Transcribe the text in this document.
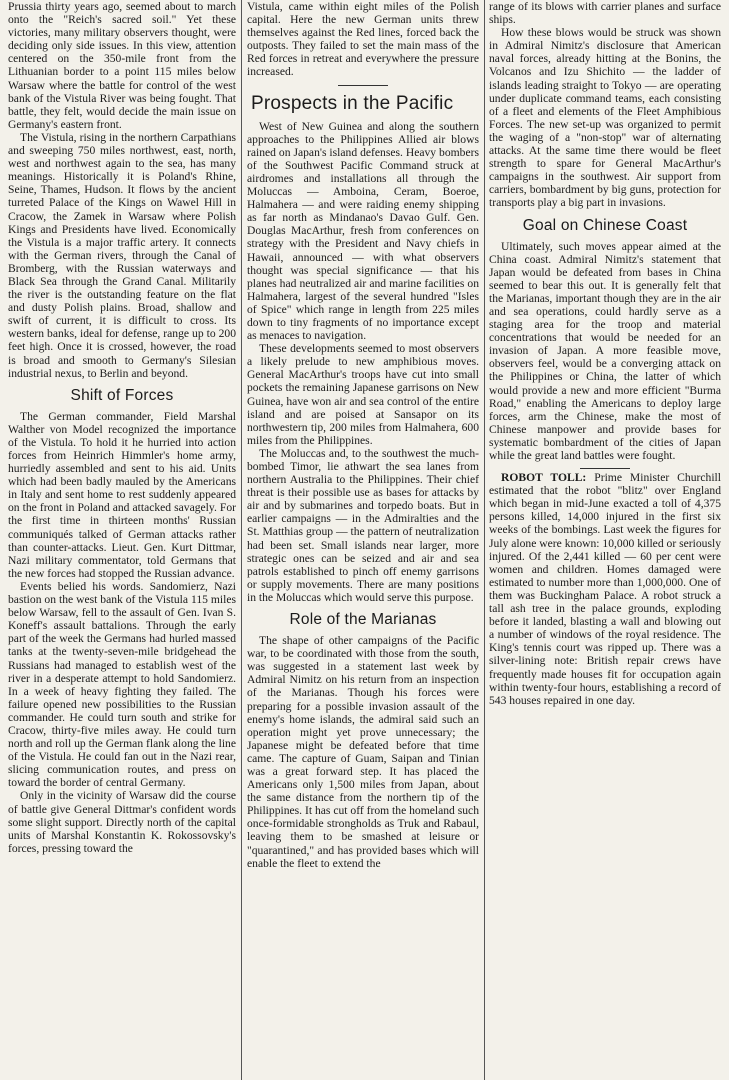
Prussia thirty years ago, seemed about to march onto the "Reich's sacred soil." Yet these victories, many military observers thought, were deciding only side issues. In this view, attention centered on the 350-mile front from the Lithuanian border to a point 115 miles below Warsaw where the battle for control of the west bank of the Vistula River was being fought. That battle, they felt, would decide the main issue on Germany's eastern front.

The Vistula, rising in the northern Carpathians and sweeping 750 miles northwest, east, north, west and northwest again to the sea, has many meanings. Historically it is Poland's Rhine, Seine, Thames, Hudson. It flows by the ancient turreted Palace of the Kings on Wawel Hill in Cracow, the Zamek in Warsaw where Polish Kings and Presidents have lived. Economically the Vistula is a major traffic artery. It connects with the German rivers, through the Canal of Bromberg, with the Russian waterways and Black Sea through the Grand Canal. Militarily the river is the outstanding feature on the flat and dusty Polish plains. Broad, shallow and swift of current, it is difficult to cross. Its western banks, ideal for defense, range up to 200 feet high. Once it is crossed, however, the road is broad and smooth to Germany's Silesian industrial nexus, to Berlin and beyond.

Shift of Forces

The German commander, Field Marshal Walther von Model recognized the importance of the Vistula. To hold it he hurried into action forces from Heinrich Himmler's home army, hurriedly assembled and sent to his aid. Units which had been badly mauled by the Americans in Italy and sent home to rest suddenly appeared on the front in Poland and attacked savagely. For the first time in thirteen months' Russian communiqués talked of German attacks rather than counter-attacks. Lieut. Gen. Kurt Dittmar, Nazi military commentator, told Germans that the new forces had stopped the Russian advance.

Events belied his words. Sandomierz, Nazi bastion on the west bank of the Vistula 115 miles below Warsaw, fell to the assault of Gen. Ivan S. Koneff's assault battalions. Through the early part of the week the Germans had hurled massed tanks at the twenty-seven-mile bridgehead the Russians had managed to establish west of the river in a desperate attempt to hold Sandomierz. In a week of heavy fighting they failed. The failure opened new possibilities to the Russian commander. He could turn south and strike for Cracow, thirty-five miles away. He could turn north and roll up the German flank along the line of the Vistula. He could fan out in the Nazi rear, slicing communication routes, and press on toward the border of central Germany.

Only in the vicinity of Warsaw did the course of battle give General Dittmar's confident words some slight support. Directly north of the capital units of Marshal Konstantin K. Rokossovsky's forces, pressing toward the

Vistula, came within eight miles of the Polish capital. Here the new German units threw themselves against the Red lines, forced back the outposts. They failed to set the main mass of the Red forces in retreat and everywhere the pressure increased.

Prospects in the Pacific

West of New Guinea and along the southern approaches to the Philippines Allied air blows rained on Japan's island defenses. Heavy bombers of the Southwest Pacific Command struck at airdromes and installations all through the Moluccas — Amboina, Ceram, Boeroe, Halmahera — and were raiding enemy shipping as far north as Mindanao's Davao Gulf. Gen. Douglas MacArthur, fresh from conferences on strategy with the President and Navy chiefs in Hawaii, announced — with what observers thought was special significance — that his planes had neutralized air and marine facilities on Halmahera, largest of the several hundred "Isles of Spice" which range in length from 225 miles down to tiny fragments of no importance except as menaces to navigation.

These developments seemed to most observers a likely prelude to new amphibious moves. General MacArthur's troops have cut into small pockets the remaining Japanese garrisons on New Guinea, have won air and sea control of the entire island and are poised at Sansapor on its northwestern tip, 200 miles from Halmahera, 600 miles from the Philippines.

The Moluccas and, to the southwest the much-bombed Timor, lie athwart the sea lanes from northern Australia to the Philippines. Their chief threat is their possible use as bases for attacks by air and by submarines and torpedo boats. But in earlier campaigns — in the Admiralties and the St. Matthias group — the pattern of neutralization had been set. Small islands near larger, more strategic ones can be seized and air and sea patrols established to pinch off enemy garrisons or supply movements. There are many positions in the Moluccas which would serve this purpose.

Role of the Marianas

The shape of other campaigns of the Pacific war, to be coordinated with those from the south, was suggested in a statement last week by Admiral Nimitz on his return from an inspection of the Marianas. Though his forces were preparing for a possible invasion assault of the enemy's home islands, the admiral said such an operation might yet prove unnecessary; the Japanese might be defeated before that time came. The capture of Guam, Saipan and Tinian was a great forward step. It has placed the Americans only 1,500 miles from Japan, about the same distance from the northern tip of the Philippines. It has cut off from the homeland such once-formidable strongholds as Truk and Rabaul, leaving them to be smashed at leisure or "quarantined," and has provided bases which will enable the fleet to extend the

range of its blows with carrier planes and surface ships.

How these blows would be struck was shown in Admiral Nimitz's disclosure that American naval forces, already hitting at the Bonins, the Volcanos and Izu Shichito — the ladder of islands leading straight to Tokyo — are operating under duplicate command teams, each consisting of a fleet and elements of the Fleet Amphibious Forces. The new set-up was organized to permit the waging of a "non-stop" war of alternating attacks. At the same time there would be fleet strength to spare for General MacArthur's campaigns in the southwest. Air support from carriers, bombardment by big guns, protection for transports play a big part in invasions.

Goal on Chinese Coast

Ultimately, such moves appear aimed at the China coast. Admiral Nimitz's statement that Japan would be defeated from bases in China seemed to bear this out. It is generally felt that the Marianas, important though they are in the air and sea operations, could hardly serve as a staging area for the troop and material concentrations that would be needed for an invasion of Japan. A more feasible move, observers feel, would be a converging attack on the Philippines or China, the latter of which would provide a new and more efficient "Burma Road," enabling the Americans to deploy large forces, arm the Chinese, make the most of Chinese manpower and provide bases for systematic bombardment of the cities of Japan while the great land battles were fought.

ROBOT TOLL: Prime Minister Churchill estimated that the robot "blitz" over England which began in mid-June exacted a toll of 4,375 persons killed, 14,000 injured in the first six weeks of the bombings. Last week the figures for July alone were known: 10,000 killed or seriously injured. Of the 2,441 killed — 60 per cent were women and children. Homes damaged were estimated to number more than 1,000,000. One of them was Buckingham Palace. A robot struck a tall ash tree in the palace grounds, exploding before it landed, blasting a wall and blowing out a number of windows of the royal residence. The King's tennis court was ripped up. There was a silver-lining note: British repair crews have frequently made houses fit for occupation again within twenty-four hours, establishing a record of 543 houses repaired in one day.
